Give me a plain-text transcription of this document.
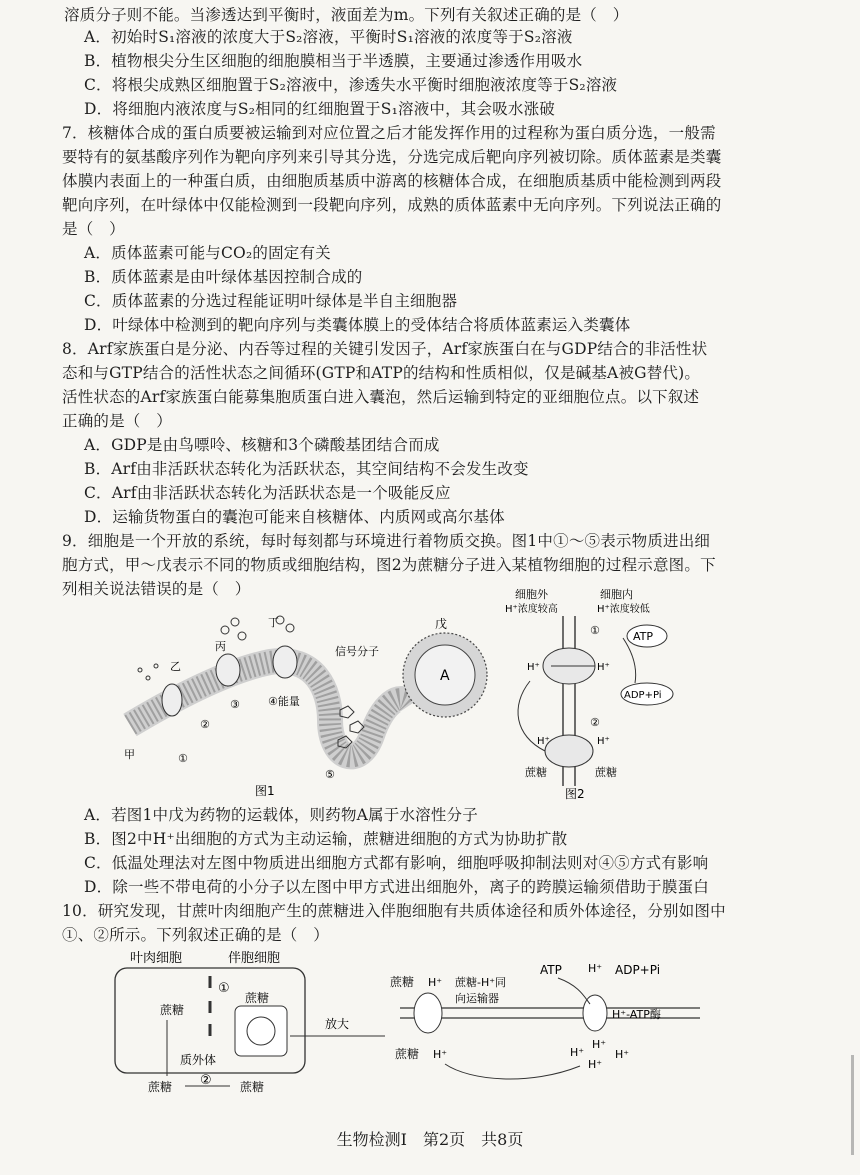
溶质分子则不能。当渗透达到平衡时，液面差为m。下列有关叙述正确的是（　）
A．初始时S₁溶液的浓度大于S₂溶液，平衡时S₁溶液的浓度等于S₂溶液
B．植物根尖分生区细胞的细胞膜相当于半透膜，主要通过渗透作用吸水
C．将根尖成熟区细胞置于S₂溶液中，渗透失水平衡时细胞液浓度等于S₂溶液
D．将细胞内液浓度与S₂相同的红细胞置于S₁溶液中，其会吸水涨破
7．核糖体合成的蛋白质要被运输到对应位置之后才能发挥作用的过程称为蛋白质分选，一般需
要特有的氨基酸序列作为靶向序列来引导其分选，分选完成后靶向序列被切除。质体蓝素是类囊
体膜内表面上的一种蛋白质，由细胞质基质中游离的核糖体合成，在细胞质基质中能检测到两段
靶向序列，在叶绿体中仅能检测到一段靶向序列，成熟的质体蓝素中无向序列。下列说法正确的
是（　）
A．质体蓝素可能与CO₂的固定有关
B．质体蓝素是由叶绿体基因控制合成的
C．质体蓝素的分选过程能证明叶绿体是半自主细胞器
D．叶绿体中检测到的靶向序列与类囊体膜上的受体结合将质体蓝素运入类囊体
8．Arf家族蛋白是分泌、内吞等过程的关键引发因子，Arf家族蛋白在与GDP结合的非活性状
态和与GTP结合的活性状态之间循环(GTP和ATP的结构和性质相似，仅是碱基A被G替代)。
活性状态的Arf家族蛋白能募集胞质蛋白进入囊泡，然后运输到特定的亚细胞位点。以下叙述
正确的是（　）
A．GDP是由鸟嘌呤、核糖和3个磷酸基团结合而成
B．Arf由非活跃状态转化为活跃状态，其空间结构不会发生改变
C．Arf由非活跃状态转化为活跃状态是一个吸能反应
D．运输货物蛋白的囊泡可能来自核糖体、内质网或高尔基体
9．细胞是一个开放的系统，每时每刻都与环境进行着物质交换。图1中①～⑤表示物质进出细
胞方式，甲～戊表示不同的物质或细胞结构，图2为蔗糖分子进入某植物细胞的过程示意图。下
列相关说法错误的是（　）
A
戊
信号分子
乙
丙
丁
甲	①
②
③	④能量
⑤
图1
细胞外
H⁺浓度较高
细胞内
H⁺浓度较低
①	ATP
ADP+Pi
H⁺	H⁺
②
H⁺	H⁺
蔗糖	蔗糖
图2
A．若图1中戊为药物的运载体，则药物A属于水溶性分子
B．图2中H⁺出细胞的方式为主动运输，蔗糖进细胞的方式为协助扩散
C．低温处理法对左图中物质进出细胞方式都有影响，细胞呼吸抑制法则对④⑤方式有影响
D．除一些不带电荷的小分子以左图中甲方式进出细胞外，离子的跨膜运输须借助于膜蛋白
10．研究发现，甘蔗叶肉细胞产生的蔗糖进入伴胞细胞有共质体途径和质外体途径，分别如图中
①、②所示。下列叙述正确的是（　）
叶肉细胞	伴胞细胞
①
蔗糖
质外体
蔗糖 ② 蔗糖
蔗糖
放大
蔗糖 H⁺ 蔗糖-H⁺同
向运输器
ATP H⁺ ADP+Pi
H⁺-ATP酶
蔗糖 H⁺	H⁺
H⁺
H⁺
H⁺
生物检测Ⅰ　第2页　共8页
